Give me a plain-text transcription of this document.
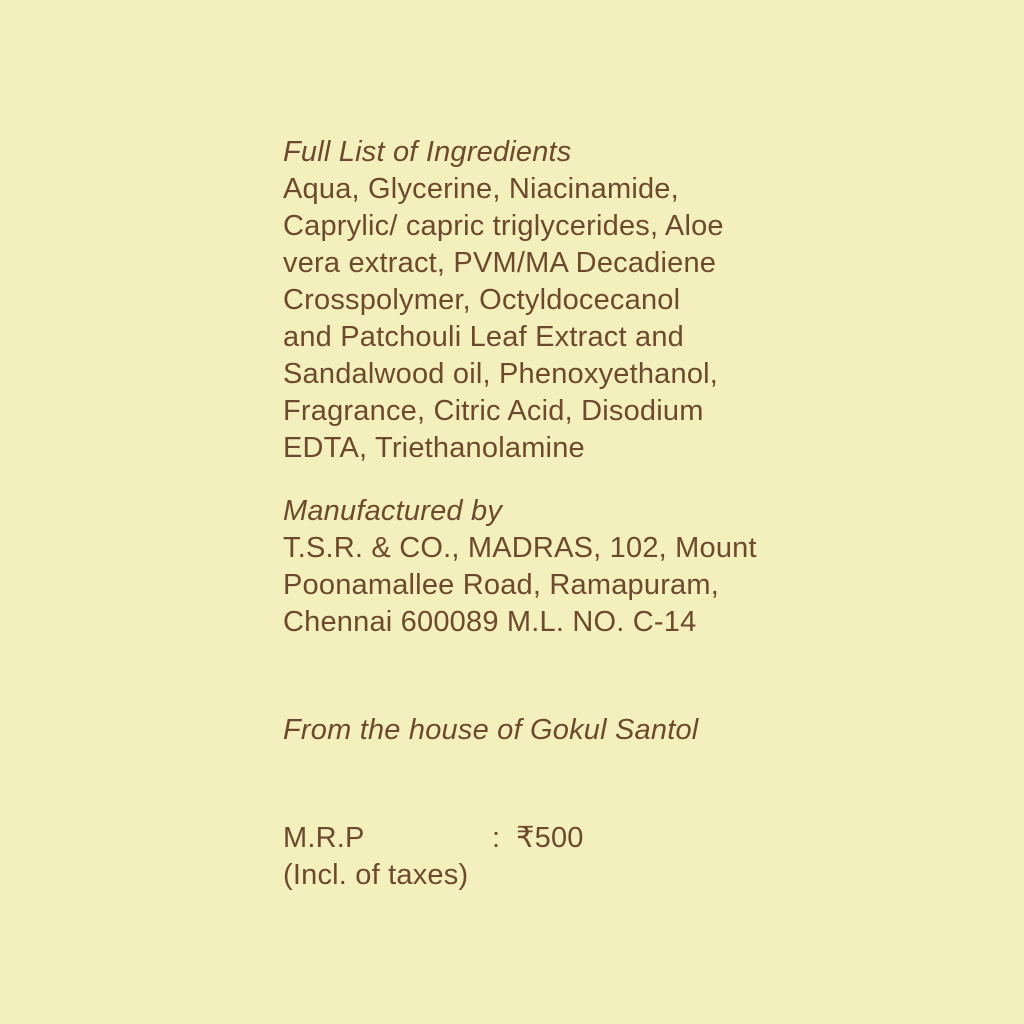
Full List of Ingredients
Aqua, Glycerine, Niacinamide,
Caprylic/ capric triglycerides, Aloe
vera extract, PVM/MA Decadiene
Crosspolymer, Octyldocecanol
and Patchouli Leaf Extract and
Sandalwood oil, Phenoxyethanol,
Fragrance, Citric Acid, Disodium
EDTA, Triethanolamine
Manufactured by
T.S.R. & CO., MADRAS, 102, Mount
Poonamallee Road, Ramapuram,
Chennai 600089 M.L. NO. C-14
From the house of Gokul Santol
M.R.P	: ₹500
(Incl. of taxes)
